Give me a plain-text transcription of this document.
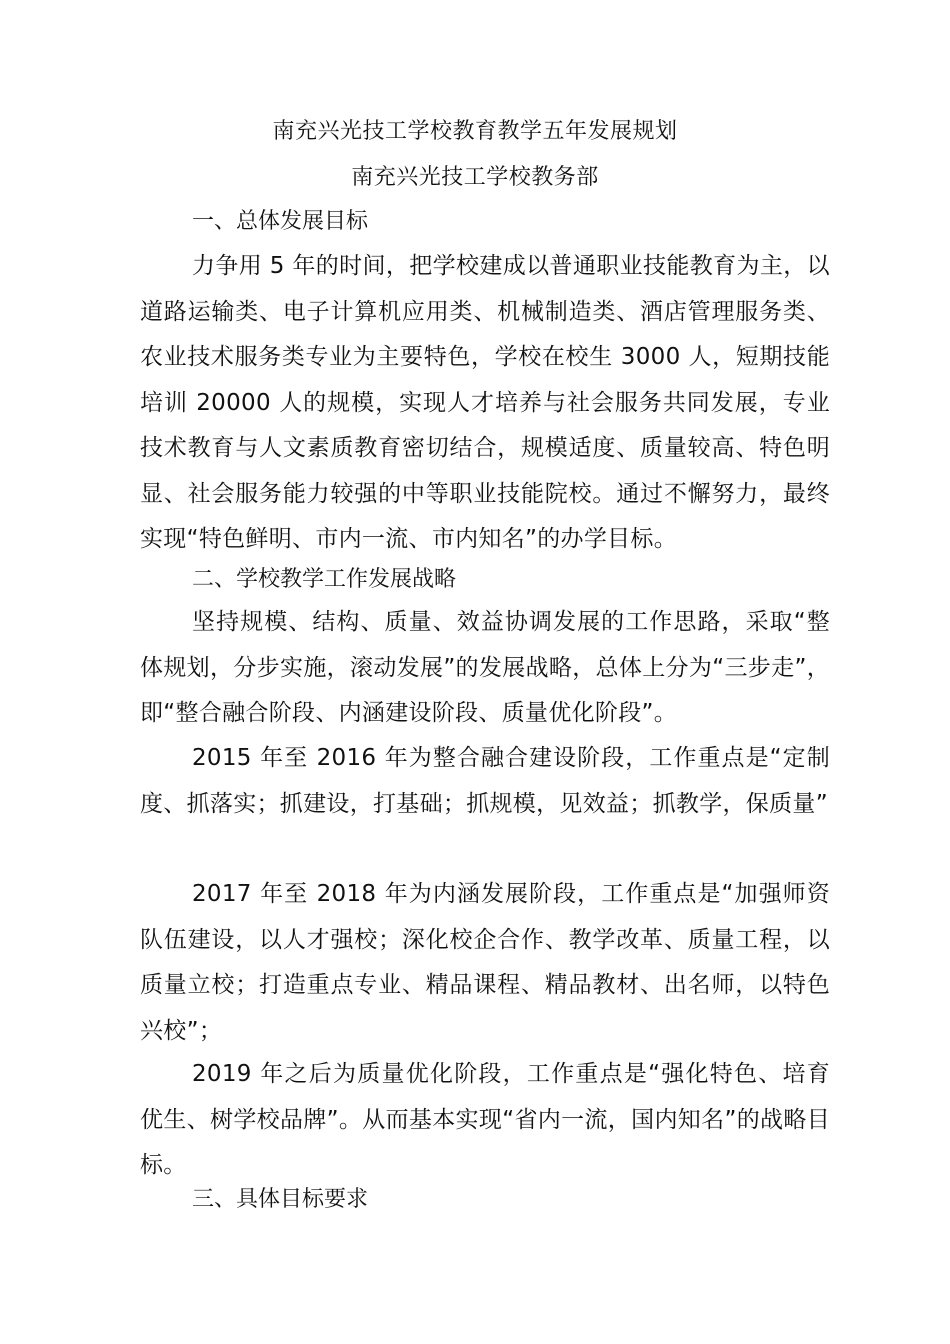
南充兴光技工学校教育教学五年发展规划
南充兴光技工学校教务部

一、总体发展目标

力争用 5 年的时间，把学校建成以普通职业技能教育为主，以道路运输类、电子计算机应用类、机械制造类、酒店管理服务类、农业技术服务类专业为主要特色，学校在校生 3000 人，短期技能培训 20000 人的规模，实现人才培养与社会服务共同发展，专业技术教育与人文素质教育密切结合，规模适度、质量较高、特色明显、社会服务能力较强的中等职业技能院校。通过不懈努力，最终实现“特色鲜明、市内一流、市内知名”的办学目标。

二、学校教学工作发展战略

坚持规模、结构、质量、效益协调发展的工作思路，采取“整体规划，分步实施，滚动发展”的发展战略，总体上分为“三步走”，即“整合融合阶段、内涵建设阶段、质量优化阶段”。

2015 年至 2016 年为整合融合建设阶段，工作重点是“定制度、抓落实；抓建设，打基础；抓规模，见效益；抓教学，保质量”

2017 年至 2018 年为内涵发展阶段，工作重点是“加强师资队伍建设，以人才强校；深化校企合作、教学改革、质量工程，以质量立校；打造重点专业、精品课程、精品教材、出名师，以特色兴校”；

2019 年之后为质量优化阶段，工作重点是“强化特色、培育优生、树学校品牌”。从而基本实现“省内一流，国内知名”的战略目标。

三、具体目标要求
